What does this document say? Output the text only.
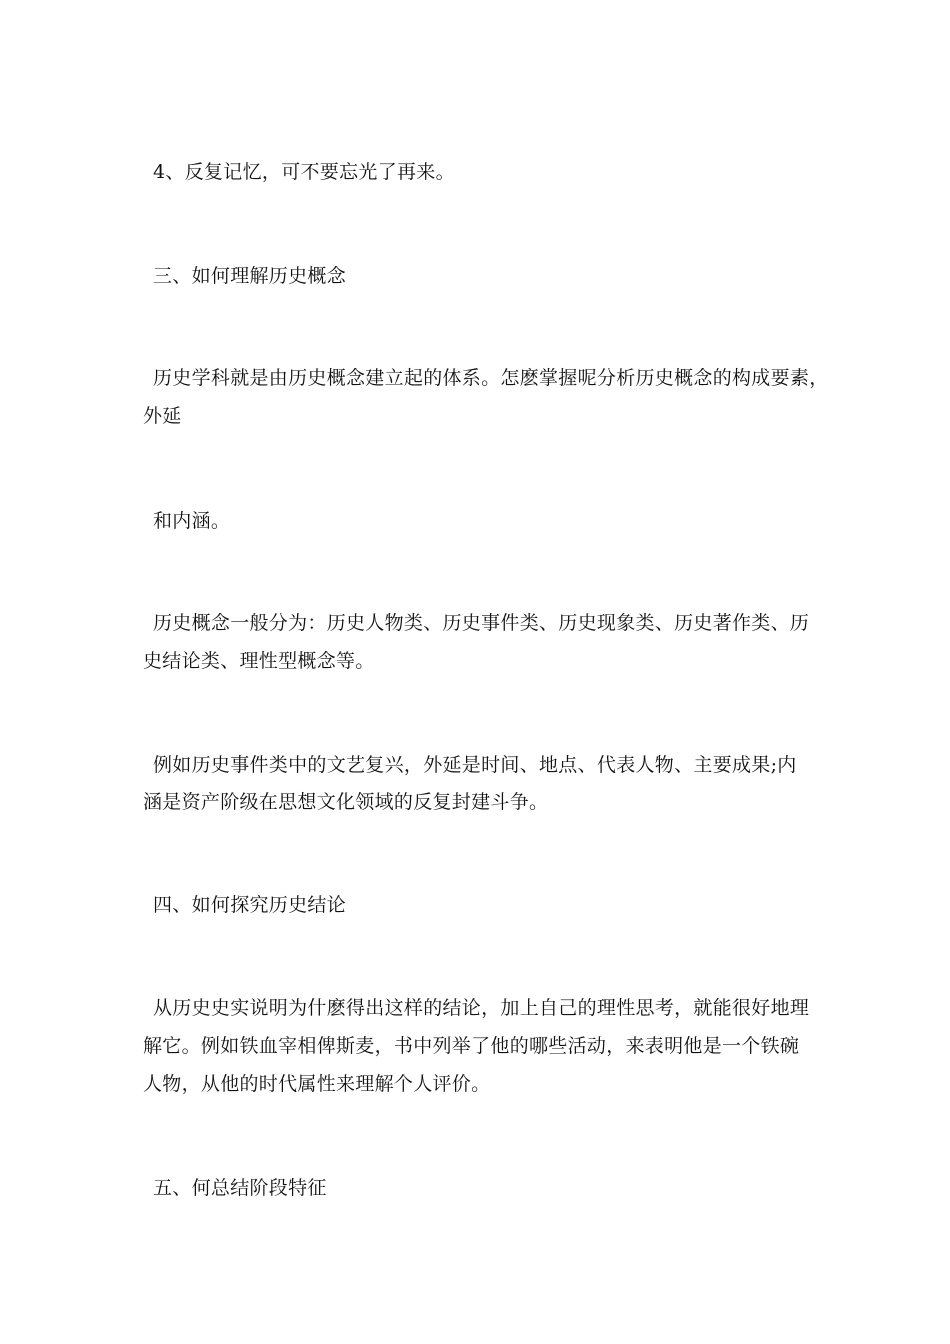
4、反复记忆，可不要忘光了再来。
三、如何理解历史概念
历史学科就是由历史概念建立起的体系。怎麽掌握呢分析历史概念的构成要素，
外延
和内涵。
历史概念一般分为：历史人物类、历史事件类、历史现象类、历史著作类、历
史结论类、理性型概念等。
例如历史事件类中的文艺复兴，外延是时间、地点、代表人物、主要成果;内
涵是资产阶级在思想文化领域的反复封建斗争。
四、如何探究历史结论
从历史史实说明为什麽得出这样的结论，加上自己的理性思考，就能很好地理
解它。例如铁血宰相俾斯麦，书中列举了他的哪些活动，来表明他是一个铁碗
人物，从他的时代属性来理解个人评价。
五、何总结阶段特征
